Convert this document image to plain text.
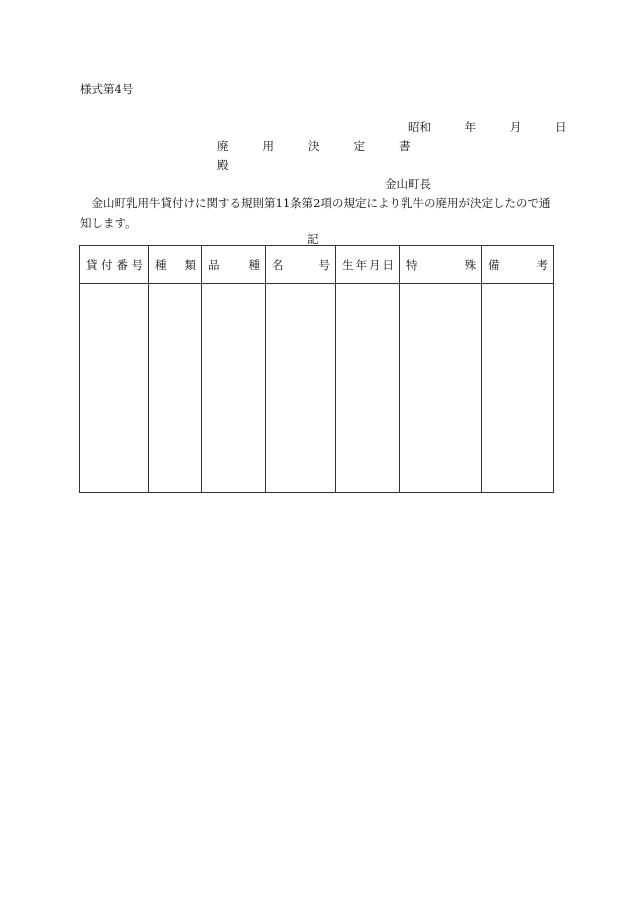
様式第4号
昭和	年	月	日
廃用決定書
殿
金山町長
金山町乳用牛貸付けに関する規則第11条第2項の規定により乳牛の廃用が決定したので通知します。
記
貸付番号	種類	品種	名号	生年月日	特殊	備考
